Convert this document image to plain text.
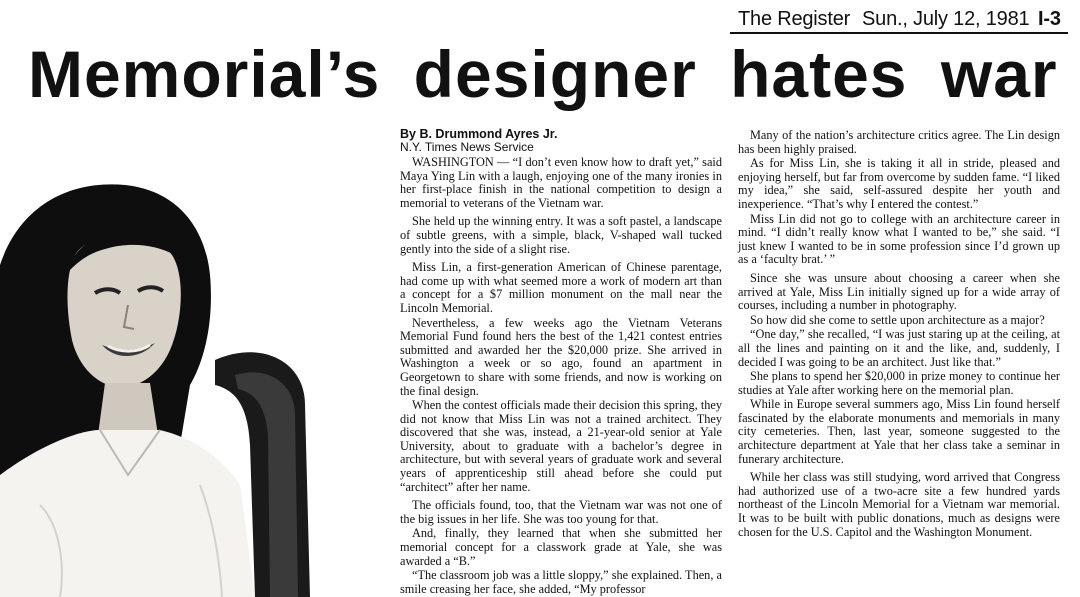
The Register Sun., July 12, 1981 I-3
Memorial’s designer hates war
By B. Drummond Ayres Jr.
N.Y. Times News Service

WASHINGTON — “I don’t even know how to draft yet,” said Maya Ying Lin with a laugh, enjoying one of the many ironies in her first-place finish in the national competition to design a memorial to veterans of the Vietnam war.

She held up the winning entry. It was a soft pastel, a landscape of subtle greens, with a simple, black, V-shaped wall tucked gently into the side of a slight rise.

Miss Lin, a first-generation American of Chinese parentage, had come up with what seemed more a work of modern art than a concept for a $7 million monument on the mall near the Lincoln Memorial.

Nevertheless, a few weeks ago the Vietnam Veterans Memorial Fund found hers the best of the 1,421 contest entries submitted and awarded her the $20,000 prize. She arrived in Washington a week or so ago, found an apartment in Georgetown to share with some friends, and now is working on the final design.

When the contest officials made their decision this spring, they did not know that Miss Lin was not a trained architect. They discovered that she was, instead, a 21-year-old senior at Yale University, about to graduate with a bachelor’s degree in architecture, but with several years of graduate work and several years of apprenticeship still ahead before she could put “architect” after her name.

The officials found, too, that the Vietnam war was not one of the big issues in her life. She was too young for that.

And, finally, they learned that when she submitted her memorial concept for a classwork grade at Yale, she was awarded a “B.”

“The classroom job was a little sloppy,” she explained. Then, a smile creasing her face, she added, “My professor

Many of the nation’s architecture critics agree. The Lin design has been highly praised.

As for Miss Lin, she is taking it all in stride, pleased and enjoying herself, but far from overcome by sudden fame. “I liked my idea,” she said, self-assured despite her youth and inexperience. “That’s why I entered the contest.”

Miss Lin did not go to college with an architecture career in mind. “I didn’t really know what I wanted to be,” she said. “I just knew I wanted to be in some profession since I’d grown up as a ‘faculty brat.’ ”

Since she was unsure about choosing a career when she arrived at Yale, Miss Lin initially signed up for a wide array of courses, including a number in photography.

So how did she come to settle upon architecture as a major?

“One day,” she recalled, “I was just staring up at the ceiling, at all the lines and painting on it and the like, and, suddenly, I decided I was going to be an architect. Just like that.”

She plans to spend her $20,000 in prize money to continue her studies at Yale after working here on the memorial plan.

While in Europe several summers ago, Miss Lin found herself fascinated by the elaborate monuments and memorials in many city cemeteries. Then, last year, someone suggested to the architecture department at Yale that her class take a seminar in funerary architecture.

While her class was still studying, word arrived that Congress had authorized use of a two-acre site a few hundred yards northeast of the Lincoln Memorial for a Vietnam war memorial. It was to be built with public donations, much as designs were chosen for the U.S. Capitol and the Washington Monument.
